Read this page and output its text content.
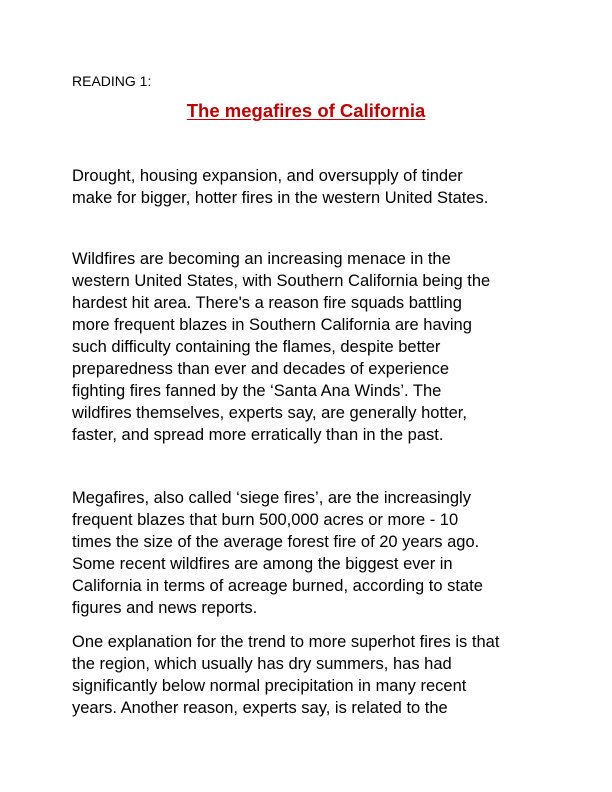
READING 1:
The megafires of California

Drought, housing expansion, and oversupply of tinder
make for bigger, hotter fires in the western United States.

Wildfires are becoming an increasing menace in the
western United States, with Southern California being the
hardest hit area. There's a reason fire squads battling
more frequent blazes in Southern California are having
such difficulty containing the flames, despite better
preparedness than ever and decades of experience
fighting fires fanned by the ‘Santa Ana Winds’. The
wildfires themselves, experts say, are generally hotter,
faster, and spread more erratically than in the past.

Megafires, also called ‘siege fires’, are the increasingly
frequent blazes that burn 500,000 acres or more - 10
times the size of the average forest fire of 20 years ago.
Some recent wildfires are among the biggest ever in
California in terms of acreage burned, according to state
figures and news reports.

One explanation for the trend to more superhot fires is that
the region, which usually has dry summers, has had
significantly below normal precipitation in many recent
years. Another reason, experts say, is related to the
